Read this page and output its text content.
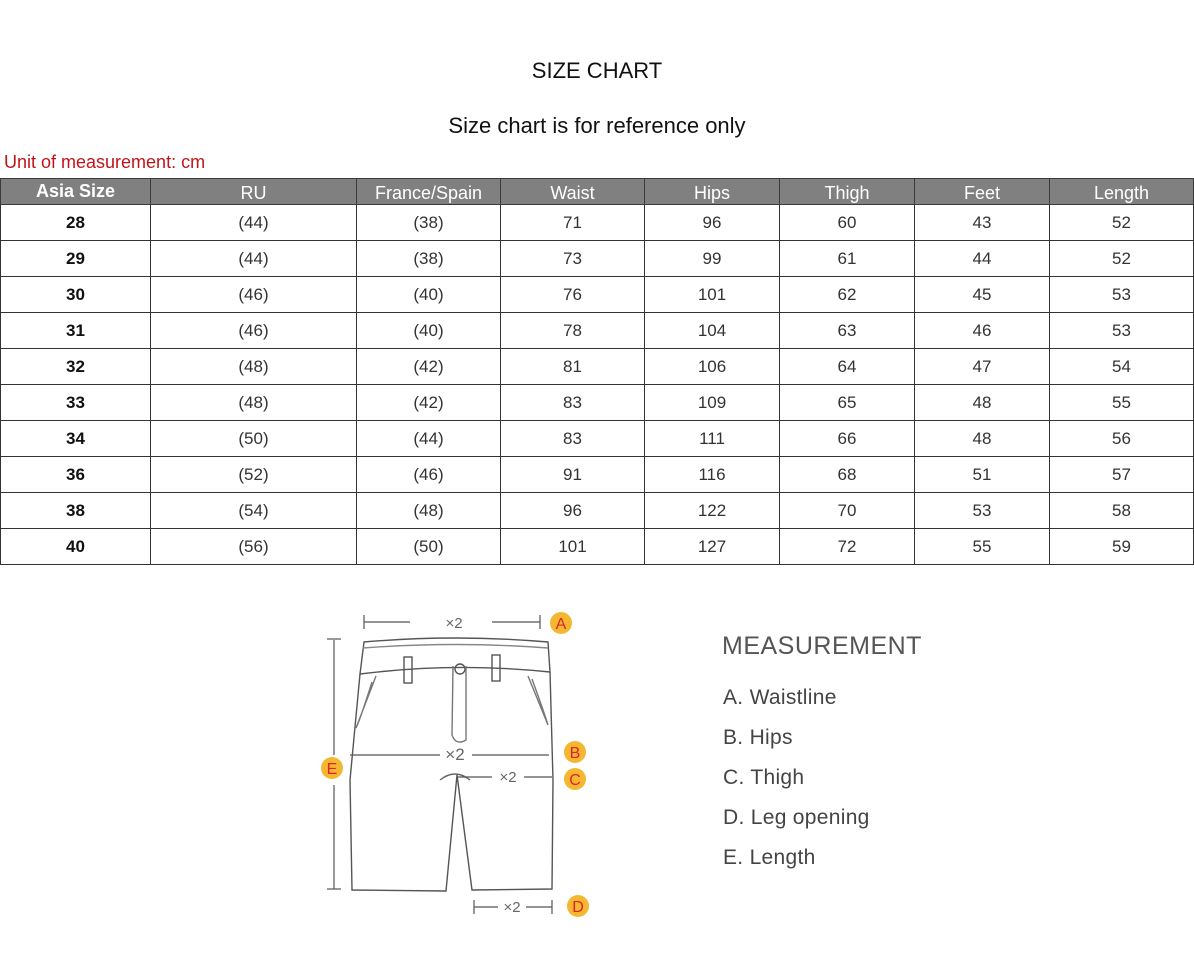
SIZE CHART
Size chart is for reference only
Unit of measurement: cm
Asia Size	RU	France/Spain	Waist	Hips	Thigh	Feet	Length
28	(44)	(38)	71	96	60	43	52
29	(44)	(38)	73	99	61	44	52
30	(46)	(40)	76	101	62	45	53
31	(46)	(40)	78	104	63	46	53
32	(48)	(42)	81	106	64	47	54
33	(48)	(42)	83	109	65	48	55
34	(50)	(44)	83	111	66	48	56
36	(52)	(46)	91	116	68	51	57
38	(54)	(48)	96	122	70	53	58
40	(56)	(50)	101	127	72	55	59
×2
×2
×2
×2
A
B
C
D
E
MEASUREMENT
A. Waistline
B. Hips
C. Thigh
D. Leg opening
E. Length
